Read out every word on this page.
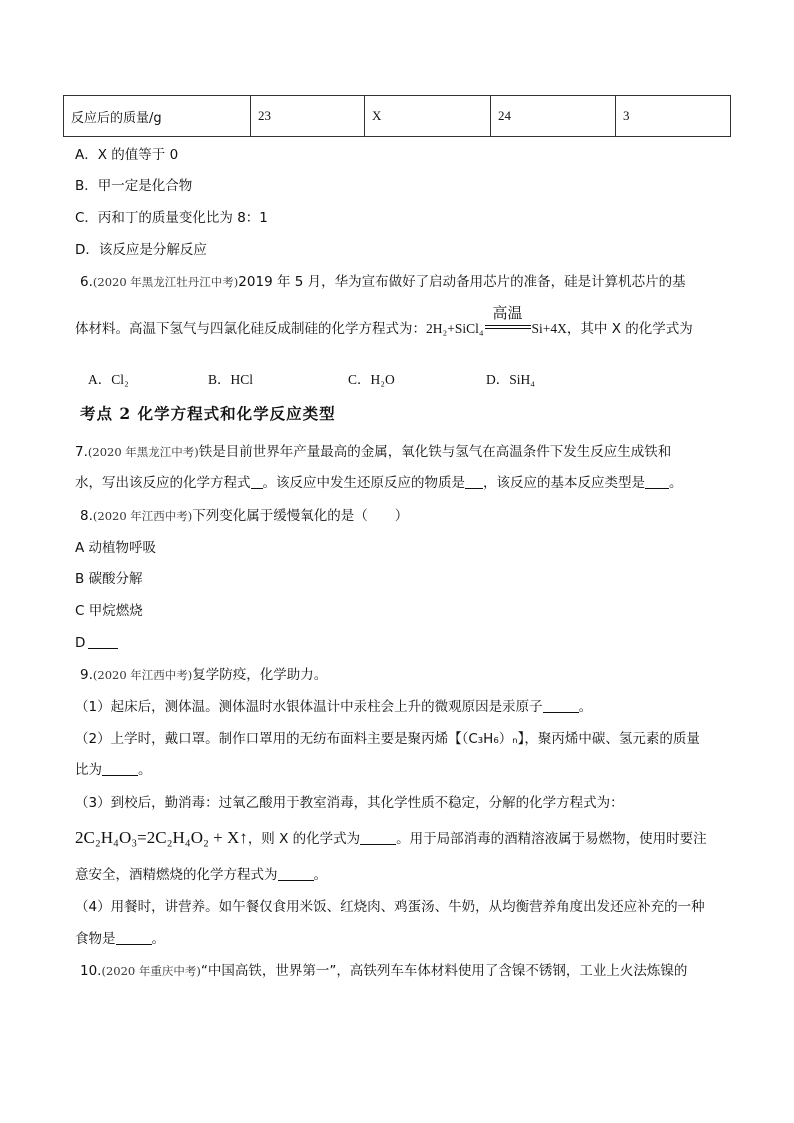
反应后的质量/g	23	X	24	3
A．X 的值等于 0
B．甲一定是化合物
C．丙和丁的质量变化比为 8：1
D．该反应是分解反应
6.(2020 年黑龙江牡丹江中考)2019 年 5 月，华为宣布做好了启动备用芯片的准备，硅是计算机芯片的基
体材料。高温下氢气与四氯化硅反成制硅的化学方程式为：2H₂+SiCl₄
高温
Si+4X，其中 X 的化学式为
A．Cl₂	B．HCl	C．H₂O	D．SiH₄
考点 2 化学方程式和化学反应类型
7.(2020 年黑龙江中考)铁是目前世界年产量最高的金属，氧化铁与氢气在高温条件下发生反应生成铁和
水，写出该反应的化学方程式 。该反应中发生还原反应的物质是 ，该反应的基本反应类型是 。
8.(2020 年江西中考)下列变化属于缓慢氧化的是（　　）
A 动植物呼吸
B 碳酸分解
C 甲烷燃烧
D
9.(2020 年江西中考)复学防疫，化学助力。
（1）起床后，测体温。测体温时水银体温计中汞柱会上升的微观原因是汞原子	。
（2）上学时，戴口罩。制作口罩用的无纺布面料主要是聚丙烯【（C₃H₆）ₙ】，聚丙烯中碳、氢元素的质量
比为	。
（3）到校后，勤消毒：过氧乙酸用于教室消毒，其化学性质不稳定，分解的化学方程式为：
2C₂H₄O₃=2C₂H₄O₂ + X↑，则 X 的化学式为	。用于局部消毒的酒精溶液属于易燃物，使用时要注
意安全，酒精燃烧的化学方程式为	。
（4）用餐时，讲营养。如午餐仅食用米饭、红烧肉、鸡蛋汤、牛奶，从均衡营养角度出发还应补充的一种
食物是	。
10.(2020 年重庆中考)“中国高铁，世界第一”，高铁列车车体材料使用了含镍不锈钢，工业上火法炼镍的
